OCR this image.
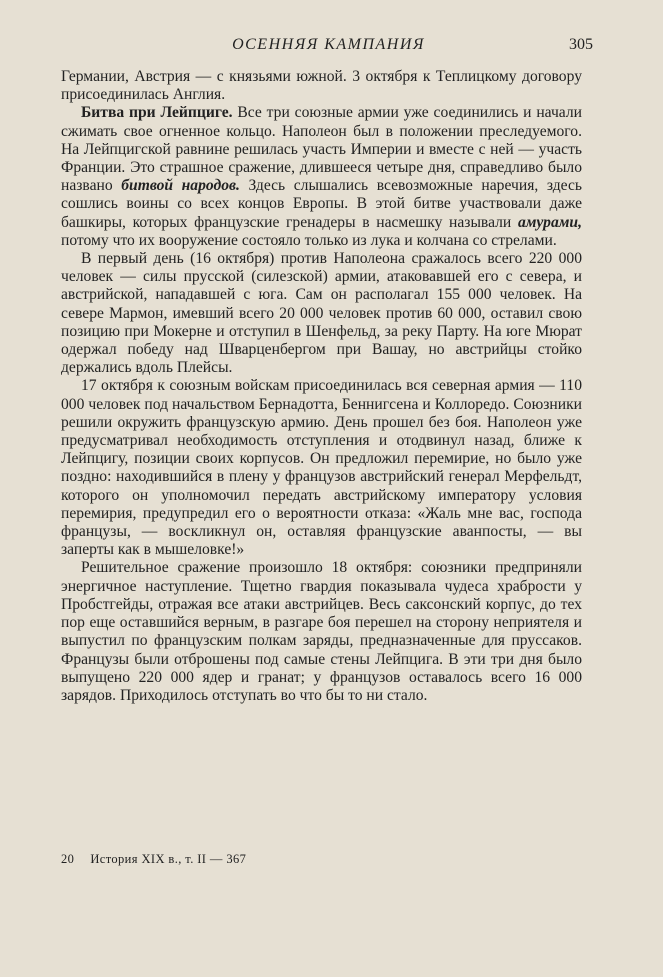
ОСЕННЯЯ КАМПАНИЯ	305

Германии, Австрия — с князьями южной. 3 октября к Теплицкому договору присоединилась Англия.

Битва при Лейпциге. Все три союзные армии уже соединились и начали сжимать свое огненное кольцо. Наполеон был в положении преследуемого. На Лейпцигской равнине решилась участь Империи и вместе с ней — участь Франции. Это страшное сражение, длившееся четыре дня, справедливо было названо битвой народов. Здесь слышались всевозможные наречия, здесь сошлись воины со всех концов Европы. В этой битве участвовали даже башкиры, которых французские гренадеры в насмешку называли амурами, потому что их вооружение состояло только из лука и колчана со стрелами.

В первый день (16 октября) против Наполеона сражалось всего 220 000 человек — силы прусской (силезской) армии, атаковавшей его с севера, и австрийской, нападавшей с юга. Сам он располагал 155 000 человек. На севере Мармон, имевший всего 20 000 человек против 60 000, оставил свою позицию при Мокерне и отступил в Шенфельд, за реку Парту. На юге Мюрат одержал победу над Шварценбергом при Вашау, но австрийцы стойко держались вдоль Плейсы.

17 октября к союзным войскам присоединилась вся северная армия — 110 000 человек под начальством Бернадотта, Беннигсена и Коллоредо. Союзники решили окружить французскую армию. День прошел без боя. Наполеон уже предусматривал необходимость отступления и отодвинул назад, ближе к Лейпцигу, позиции своих корпусов. Он предложил перемирие, но было уже поздно: находившийся в плену у французов австрийский генерал Мерфельдт, которого он уполномочил передать австрийскому императору условия перемирия, предупредил его о вероятности отказа: «Жаль мне вас, господа французы, — воскликнул он, оставляя французские аванпосты, — вы заперты как в мышеловке!»

Решительное сражение произошло 18 октября: союзники предприняли энергичное наступление. Тщетно гвардия показывала чудеса храбрости у Пробстгейды, отражая все атаки австрийцев. Весь саксонский корпус, до тех пор еще оставшийся верным, в разгаре боя перешел на сторону неприятеля и выпустил по французским полкам заряды, предназначенные для пруссаков. Французы были отброшены под самые стены Лейпцига. В эти три дня было выпущено 220 000 ядер и гранат; у французов оставалось всего 16 000 зарядов. Приходилось отступать во что бы то ни стало.

20 История XIX в., т. II — 367
